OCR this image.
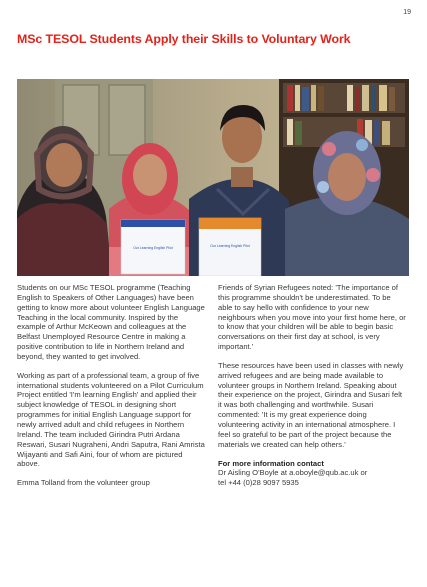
19
MSc TESOL Students Apply their Skills to Voluntary Work
Our Learning English Pilot	Our Learning English Pilot

Students on our MSc TESOL programme (Teaching English to Speakers of Other Languages) have been getting to know more about volunteer English Language Teaching in the local community. Inspired by the example of Arthur McKeown and colleagues at the Belfast Unemployed Resource Centre in making a positive contribution to life in Northern Ireland and beyond, they wanted to get involved.

Working as part of a professional team, a group of five international students volunteered on a Pilot Curriculum Project entitled 'I'm learning English' and applied their subject knowledge of TESOL in designing short programmes for initial English Language support for newly arrived adult and child refugees in Northern Ireland. The team included Girindra Putri Ardana Reswari, Susari Nugraheni, Andri Saputra, Rani Amrista Wijayanti and Safi Aini, four of whom are pictured above.

Emma Tolland from the volunteer group

Friends of Syrian Refugees noted: 'The importance of this programme shouldn't be underestimated. To be able to say hello with confidence to your new neighbours when you move into your first home here, or to know that your children will be able to begin basic conversations on their first day at school, is very important.'

These resources have been used in classes with newly arrived refugees and are being made available to volunteer groups in Northern Ireland. Speaking about their experience on the project, Girindra and Susari felt it was both challenging and worthwhile. Susari commented: 'It is my great experience doing volunteering activity in an international atmosphere. I feel so grateful to be part of the project because the materials we created can help others.'

For more information contact
Dr Aisling O'Boyle at a.oboyle@qub.ac.uk or
tel +44 (0)28 9097 5935
